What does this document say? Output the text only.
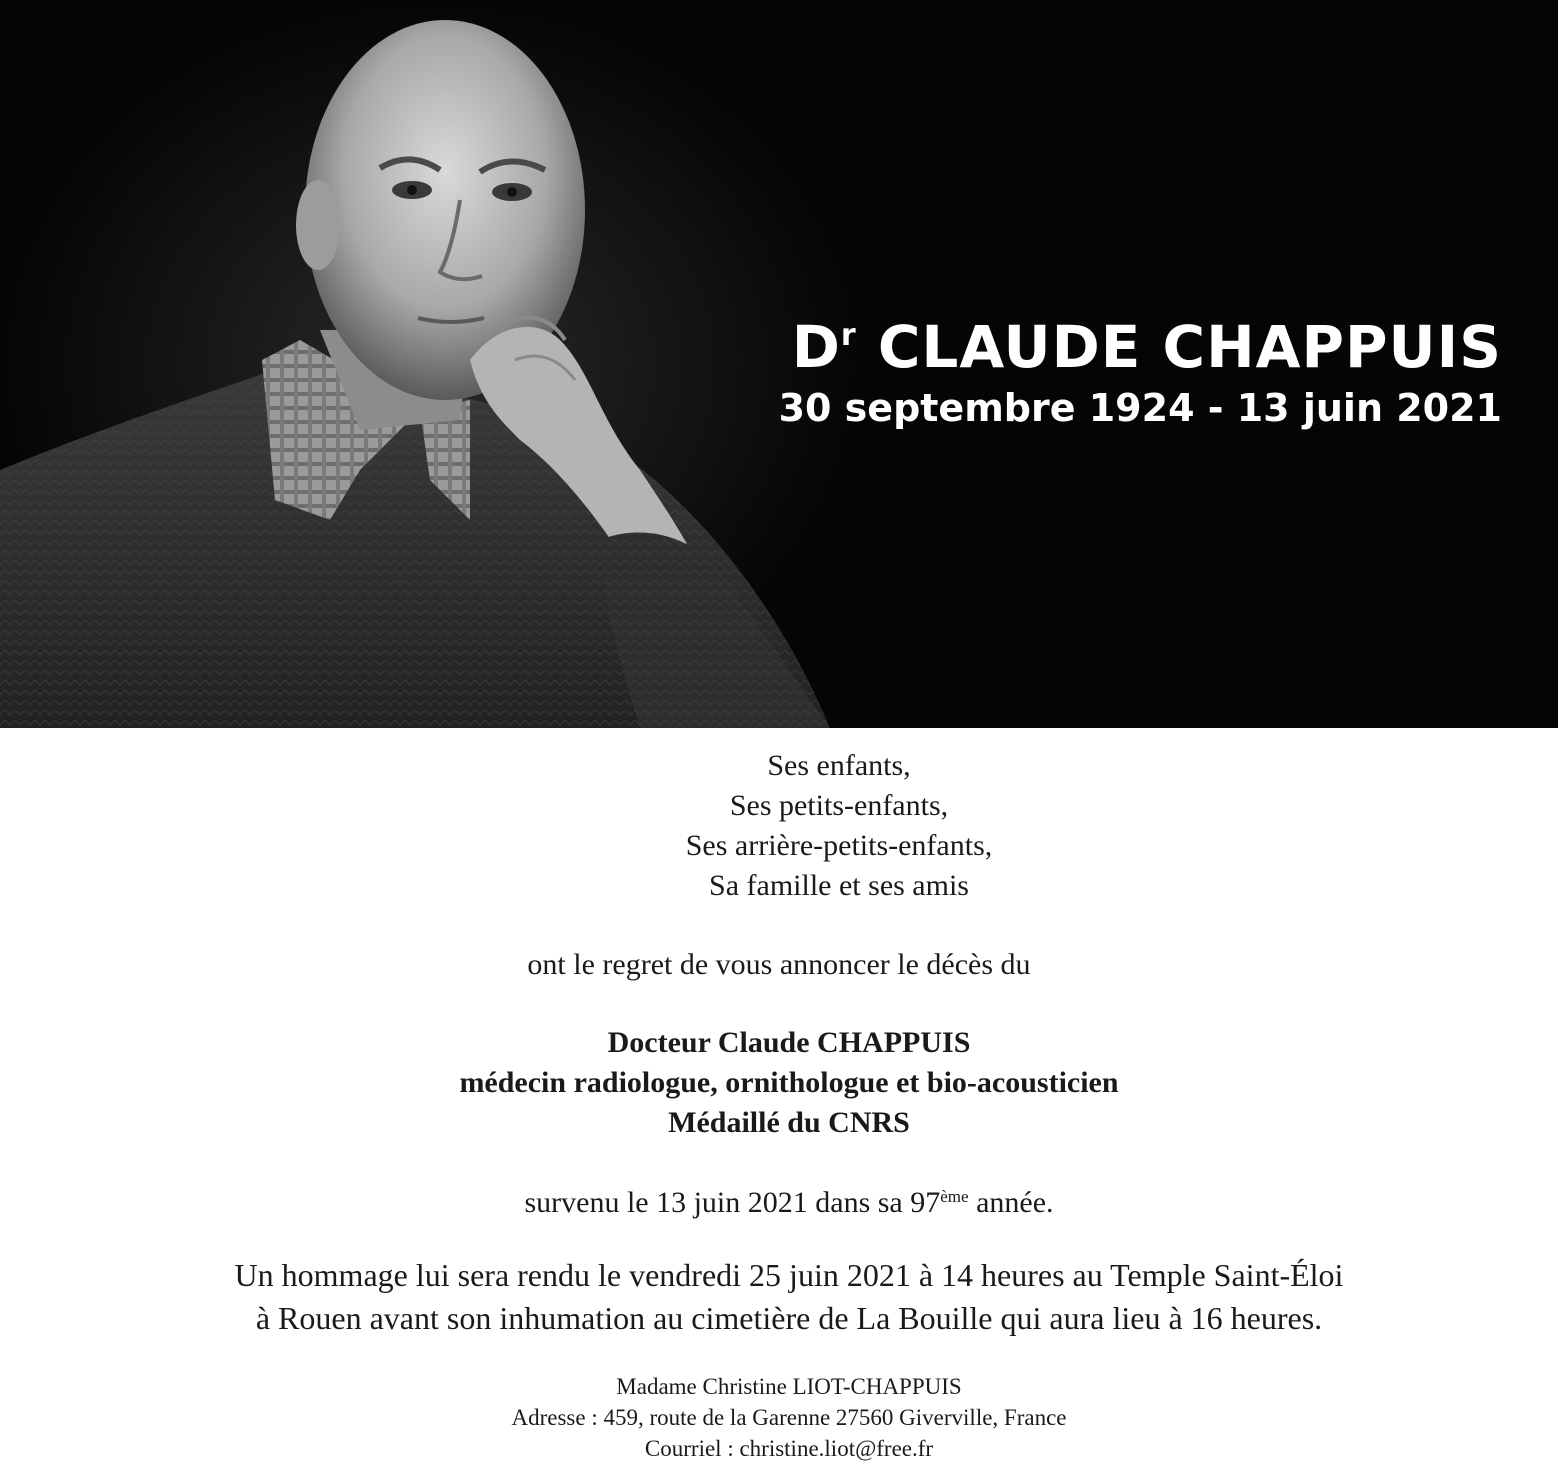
$D^r$ CLAUDE CHAPPUIS
30 septembre 1924 - 13 juin 2021
Ses enfants,
Ses petits-enfants,
Ses arrière-petits-enfants,
Sa famille et ses amis
ont le regret de vous annoncer le décès du
Docteur Claude CHAPPUIS
médecin radiologue, ornithologue et bio-acousticien
Médaillé du CNRS
survenu le 13 juin 2021 dans sa 97ème année.
Un hommage lui sera rendu le vendredi 25 juin 2021 à 14 heures au Temple Saint-Éloi
à Rouen avant son inhumation au cimetière de La Bouille qui aura lieu à 16 heures.
Madame Christine LIOT-CHAPPUIS
Adresse : 459, route de la Garenne 27560 Giverville, France
Courriel : christine.liot@free.fr
